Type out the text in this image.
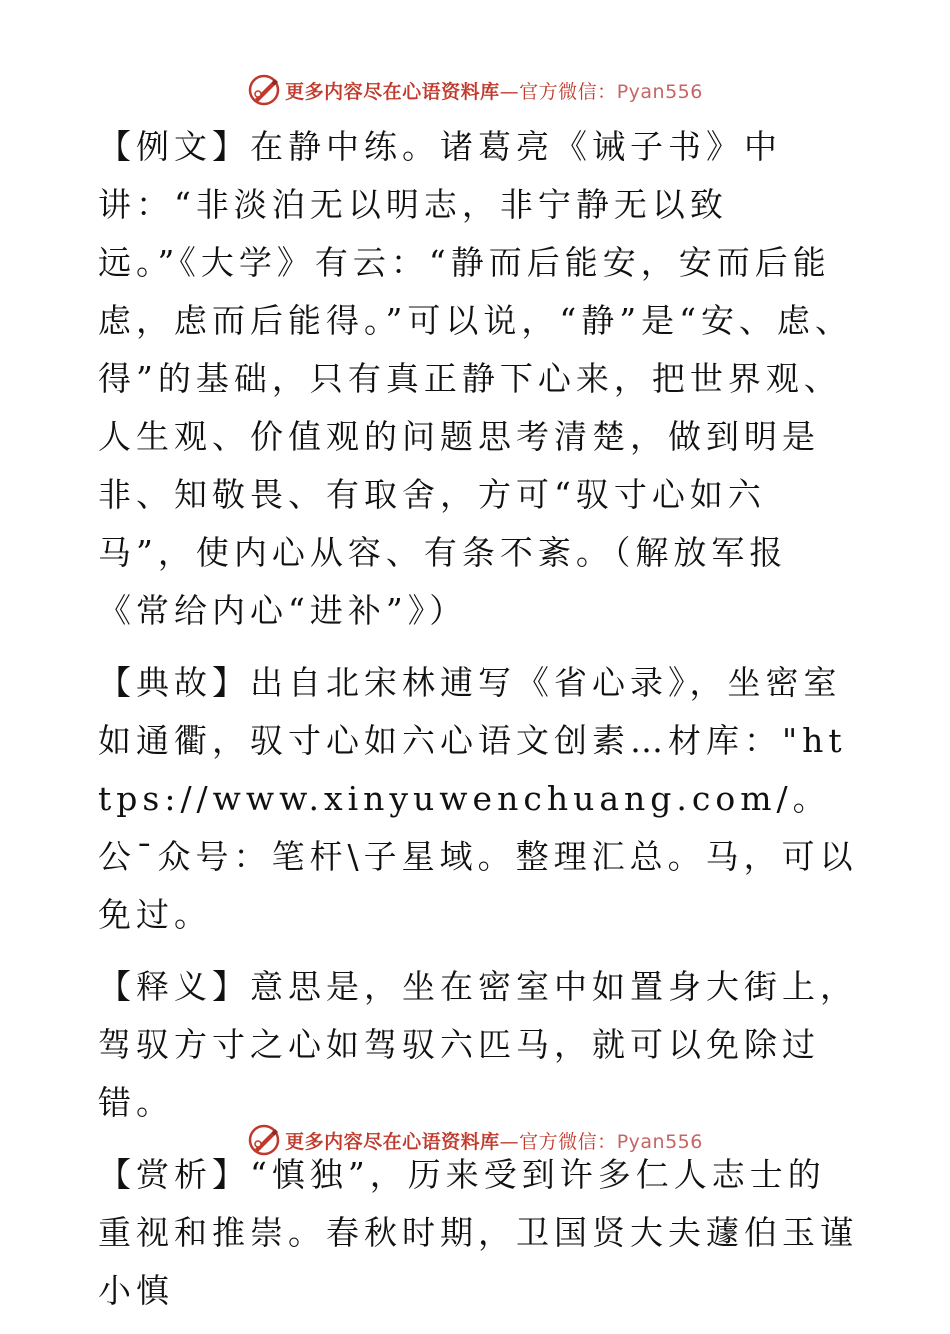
更多内容尽在心语资料库—官方微信：Pyan556

【例文】在静中练。诸葛亮《诫子书》中讲：“非淡泊无以明志，非宁静无以致远。”《大学》有云：“静而后能安，安而后能虑，虑而后能得。”可以说，“静”是“安、虑、得”的基础，只有真正静下心来，把世界观、人生观、价值观的问题思考清楚，做到明是非、知敬畏、有取舍，方可“驭寸心如六马”，使内心从容、有条不紊。（解放军报《常给内心“进补”》）

【典故】出自北宋林逋写《省心录》，坐密室如通衢，驭寸心如六心语文创素…材库："https://www.xinyuwenchuang.com/。公¯众号：笔杆\子星域。整理汇总。马，可以免过。

【释义】意思是，坐在密室中如置身大街上，驾驭方寸之心如驾驭六匹马，就可以免除过错。

【赏析】“慎独”，历来受到许多仁人志士的重视和推崇。春秋时期，卫国贤大夫蘧伯玉谨小慎

更多内容尽在心语资料库—官方微信：Pyan556
